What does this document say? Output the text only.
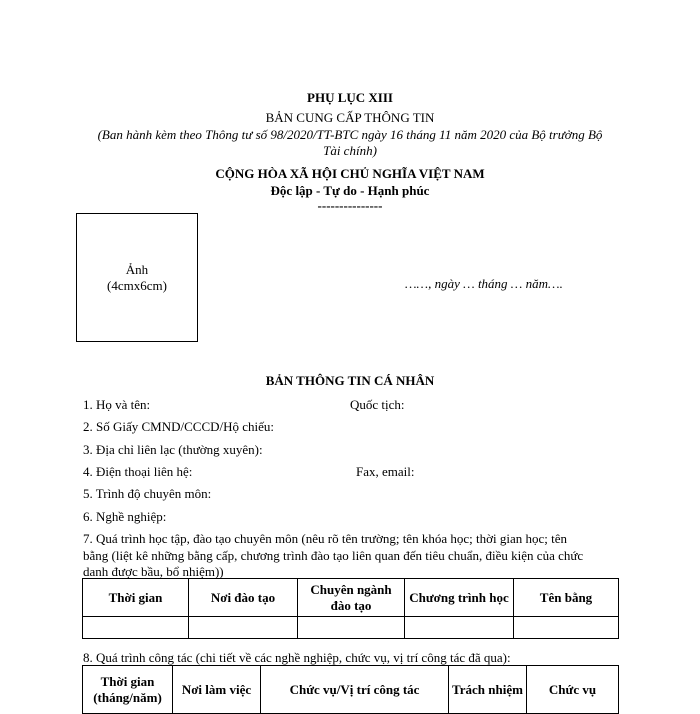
PHỤ LỤC XIII
BẢN CUNG CẤP THÔNG TIN
(Ban hành kèm theo Thông tư số 98/2020/TT-BTC ngày 16 tháng 11 năm 2020 của Bộ trưởng Bộ
Tài chính)
CỘNG HÒA XÃ HỘI CHỦ NGHĨA VIỆT NAM
Độc lập - Tự do - Hạnh phúc
---------------
Ảnh
(4cmx6cm)	……, ngày … tháng … năm….
BẢN THÔNG TIN CÁ NHÂN
1. Họ và tên:	Quốc tịch:
2. Số Giấy CMND/CCCD/Hộ chiếu:
3. Địa chỉ liên lạc (thường xuyên):
4. Điện thoại liên hệ:	Fax, email:
5. Trình độ chuyên môn:
6. Nghề nghiệp:
7. Quá trình học tập, đào tạo chuyên môn (nêu rõ tên trường; tên khóa học; thời gian học; tên
bằng (liệt kê những bằng cấp, chương trình đào tạo liên quan đến tiêu chuẩn, điều kiện của chức
danh được bầu, bổ nhiệm))
Thời gian	Nơi đào tạo	Chuyên ngành đào tạo	Chương trình học	Tên bằng

8. Quá trình công tác (chi tiết về các nghề nghiệp, chức vụ, vị trí công tác đã qua):
Thời gian (tháng/năm)	Nơi làm việc	Chức vụ/Vị trí công tác	Trách nhiệm	Chức vụ
